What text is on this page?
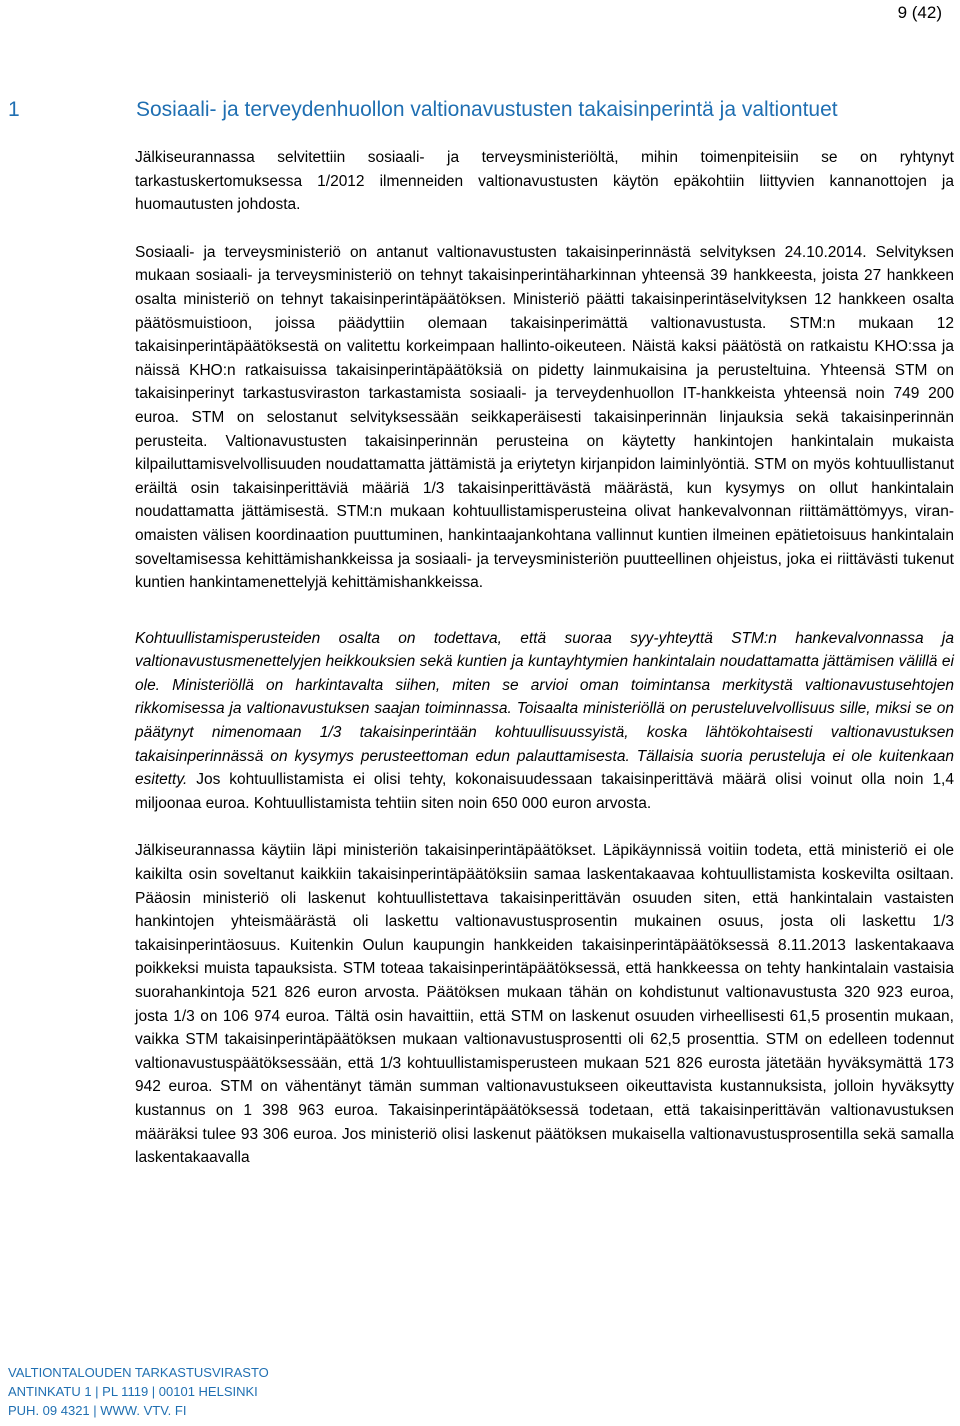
9 (42)
1	Sosiaali- ja terveydenhuollon valtionavustusten takaisinperintä ja valtiontuet

Jälkiseurannassa selvitettiin sosiaali- ja terveysministeriöltä, mihin toimenpiteisiin se on ryhtynyt tarkastuskertomuksessa 1/2012 ilmenneiden valtionavustusten käytön epäkohtiin liittyvien kannanottojen ja huomautusten johdosta.

Sosiaali- ja terveysministeriö on antanut valtionavustusten takaisinperinnästä selvityksen 24.10.2014. Selvityksen mukaan sosiaali- ja terveysministeriö on tehnyt takaisinperintäharkinnan yhteensä 39 hankkeesta, joista 27 hankkeen osalta ministeriö on tehnyt takaisinperintäpäätöksen. Ministeriö päätti takaisinperintäselvityksen 12 hankkeen osalta päätösmuistioon, joissa päädyttiin olemaan takaisinperimättä valtionavustusta. STM:n mukaan 12 takaisinperintäpäätöksestä on valitettu korkeimpaan hallinto-oikeuteen. Näistä kaksi päätöstä on ratkaistu KHO:ssa ja näissä KHO:n ratkaisuissa takaisinperintäpäätöksiä on pidetty lainmukaisina ja perusteltuina. Yhteensä STM on takaisinperinyt tarkastusviraston tarkastamista sosiaali- ja terveydenhuollon IT-hankkeista yhteensä noin 749 200 euroa. STM on selostanut selvityksessään seikkaperäisesti takaisinperinnän linjauksia sekä takaisinperinnän perusteita. Valtionavustusten takaisinperinnän perusteina on käytetty hankintojen hankintalain mukaista kilpailuttamisvelvollisuuden noudattamatta jättämistä ja eriytetyn kirjanpidon laiminlyöntiä. STM on myös kohtuullistanut eräiltä osin takaisinperittäviä määriä 1/3 takaisinperittävästä määrästä, kun kysymys on ollut hankintalain noudattamatta jättämisestä. STM:n mukaan kohtuullistamisperusteina olivat hankevalvonnan riittämättömyys, viran-omaisten välisen koordinaation puuttuminen, hankintaajankohtana vallinnut kuntien ilmeinen epätietoisuus hankintalain soveltamisessa kehittämishankkeissa ja sosiaali- ja terveysministeriön puutteellinen ohjeistus, joka ei riittävästi tukenut kuntien hankintamenettelyjä kehittämishankkeissa.

Kohtuullistamisperusteiden osalta on todettava, että suoraa syy-yhteyttä STM:n hankevalvonnassa ja valtionavustusmenettelyjen heikkouksien sekä kuntien ja kuntayhtymien hankintalain noudattamatta jättämisen välillä ei ole. Ministeriöllä on harkintavalta siihen, miten se arvioi oman toimintansa merkitystä valtionavustusehtojen rikkomisessa ja valtionavustuksen saajan toiminnassa. Toisaalta ministeriöllä on perusteluvelvollisuus sille, miksi se on päätynyt nimenomaan 1/3 takaisinperintään kohtuullisuussyistä, koska lähtökohtaisesti valtionavustuksen takaisinperinnässä on kysymys perusteettoman edun palauttamisesta. Tällaisia suoria perusteluja ei ole kuitenkaan esitetty. Jos kohtuullistamista ei olisi tehty, kokonaisuudessaan takaisinperittävä määrä olisi voinut olla noin 1,4 miljoonaa euroa. Kohtuullistamista tehtiin siten noin 650 000 euron arvosta.

Jälkiseurannassa käytiin läpi ministeriön takaisinperintäpäätökset. Läpikäynnissä voitiin todeta, että ministeriö ei ole kaikilta osin soveltanut kaikkiin takaisinperintäpäätöksiin samaa laskentakaavaa kohtuullistamista koskevilta osiltaan. Pääosin ministeriö oli laskenut kohtuullistettava takaisinperittävän osuuden siten, että hankintalain vastaisten hankintojen yhteismäärästä oli laskettu valtionavustusprosentin mukainen osuus, josta oli laskettu 1/3 takaisinperintäosuus. Kuitenkin Oulun kaupungin hankkeiden takaisinperintäpäätöksessä 8.11.2013 laskentakaava poikkeksi muista tapauksista. STM toteaa takaisinperintäpäätöksessä, että hankkeessa on tehty hankintalain vastaisia suorahankintoja 521 826 euron arvosta. Päätöksen mukaan tähän on kohdistunut valtionavustusta 320 923 euroa, josta 1/3 on 106 974 euroa. Tältä osin havaittiin, että STM on laskenut osuuden virheellisesti 61,5 prosentin mukaan, vaikka STM takaisinperintäpäätöksen mukaan valtionavustusprosentti oli 62,5 prosenttia. STM on edelleen todennut valtionavustuspäätöksessään, että 1/3 kohtuullistamisperusteen mukaan 521 826 eurosta jätetään hyväksymättä 173 942 euroa. STM on vähentänyt tämän summan valtionavustukseen oikeuttavista kustannuksista, jolloin hyväksytty kustannus on 1 398 963 euroa. Takaisinperintäpäätöksessä todetaan, että takaisinperittävän valtionavustuksen määräksi tulee 93 306 euroa. Jos ministeriö olisi laskenut päätöksen mukaisella valtionavustusprosentilla sekä samalla laskentakaavalla

VALTIONTALOUDEN TARKASTUSVIRASTO
ANTINKATU 1 | PL 1119 | 00101 HELSINKI
PUH. 09 4321 | WWW. VTV. FI
